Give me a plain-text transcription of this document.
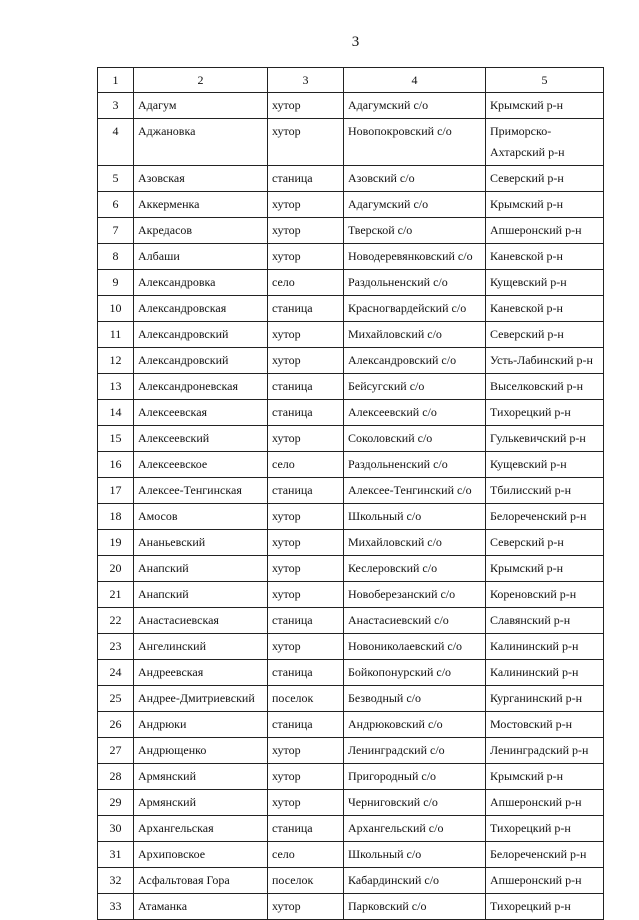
3
1	2	3	4	5
3	Адагум	хутор	Адагумский с/о	Крымский р-н
4	Аджановка	хутор	Новопокровский с/о	Приморско-Ахтарский р-н
5	Азовская	станица	Азовский с/о	Северский р-н
6	Аккерменка	хутор	Адагумский с/о	Крымский р-н
7	Акредасов	хутор	Тверской с/о	Апшеронский р-н
8	Албаши	хутор	Новодеревянковский с/о	Каневской р-н
9	Александровка	село	Раздольненский с/о	Кущевский р-н
10	Александровская	станица	Красногвардейский с/о	Каневской р-н
11	Александровский	хутор	Михайловский с/о	Северский р-н
12	Александровский	хутор	Александровский с/о	Усть-Лабинский р-н
13	Александроневская	станица	Бейсугский с/о	Выселковский р-н
14	Алексеевская	станица	Алексеевский с/о	Тихорецкий р-н
15	Алексеевский	хутор	Соколовский с/о	Гулькевичский р-н
16	Алексеевское	село	Раздольненский с/о	Кущевский р-н
17	Алексее-Тенгинская	станица	Алексее-Тенгинский с/о	Тбилисский р-н
18	Амосов	хутор	Школьный с/о	Белореченский р-н
19	Ананьевский	хутор	Михайловский с/о	Северский р-н
20	Анапский	хутор	Кеслеровский с/о	Крымский р-н
21	Анапский	хутор	Новоберезанский с/о	Кореновский р-н
22	Анастасиевская	станица	Анастасиевский с/о	Славянский р-н
23	Ангелинский	хутор	Новониколаевский с/о	Калининский р-н
24	Андреевская	станица	Бойкопонурский с/о	Калининский р-н
25	Андрее-Дмитриевский	поселок	Безводный с/о	Курганинский р-н
26	Андрюки	станица	Андрюковский с/о	Мостовский р-н
27	Андрющенко	хутор	Ленинградский с/о	Ленинградский р-н
28	Армянский	хутор	Пригородный с/о	Крымский р-н
29	Армянский	хутор	Черниговский с/о	Апшеронский р-н
30	Архангельская	станица	Архангельский с/о	Тихорецкий р-н
31	Архиповское	село	Школьный с/о	Белореченский р-н
32	Асфальтовая Гора	поселок	Кабардинский с/о	Апшеронский р-н
33	Атаманка	хутор	Парковский с/о	Тихорецкий р-н
